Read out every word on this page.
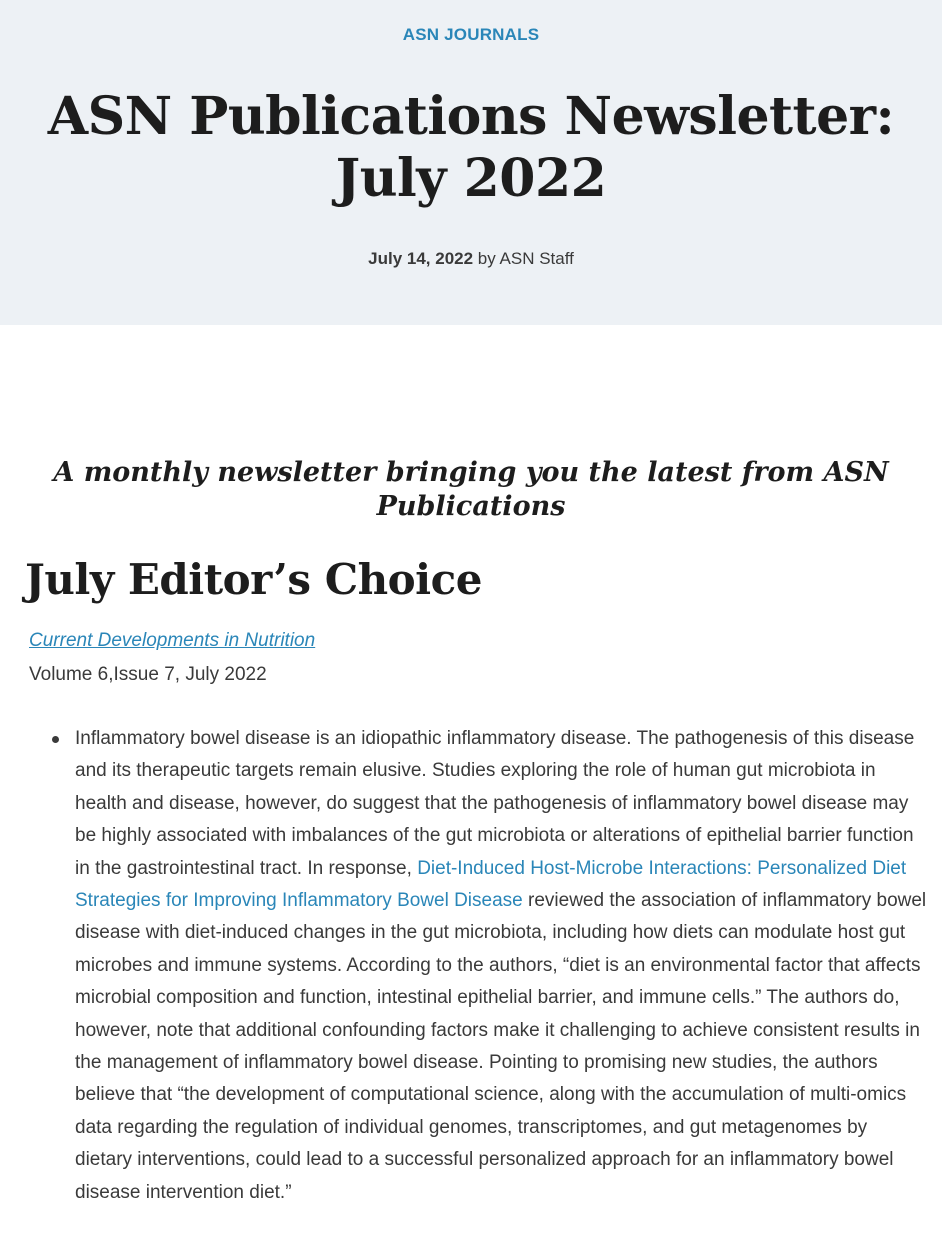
ASN JOURNALS
ASN Publications Newsletter: July 2022
July 14, 2022 by ASN Staff
A monthly newsletter bringing you the latest from ASN Publications
July Editor’s Choice
Current Developments in Nutrition
Volume 6,Issue 7, July 2022
Inflammatory bowel disease is an idiopathic inflammatory disease. The pathogenesis of this disease and its therapeutic targets remain elusive. Studies exploring the role of human gut microbiota in health and disease, however, do suggest that the pathogenesis of inflammatory bowel disease may be highly associated with imbalances of the gut microbiota or alterations of epithelial barrier function in the gastrointestinal tract. In response, Diet-Induced Host-Microbe Interactions: Personalized Diet Strategies for Improving Inflammatory Bowel Disease reviewed the association of inflammatory bowel disease with diet-induced changes in the gut microbiota, including how diets can modulate host gut microbes and immune systems. According to the authors, “diet is an environmental factor that affects microbial composition and function, intestinal epithelial barrier, and immune cells.” The authors do, however, note that additional confounding factors make it challenging to achieve consistent results in the management of inflammatory bowel disease. Pointing to promising new studies, the authors believe that “the development of computational science, along with the accumulation of multi-omics data regarding the regulation of individual genomes, transcriptomes, and gut metagenomes by dietary interventions, could lead to a successful personalized approach for an inflammatory bowel disease intervention diet.”
